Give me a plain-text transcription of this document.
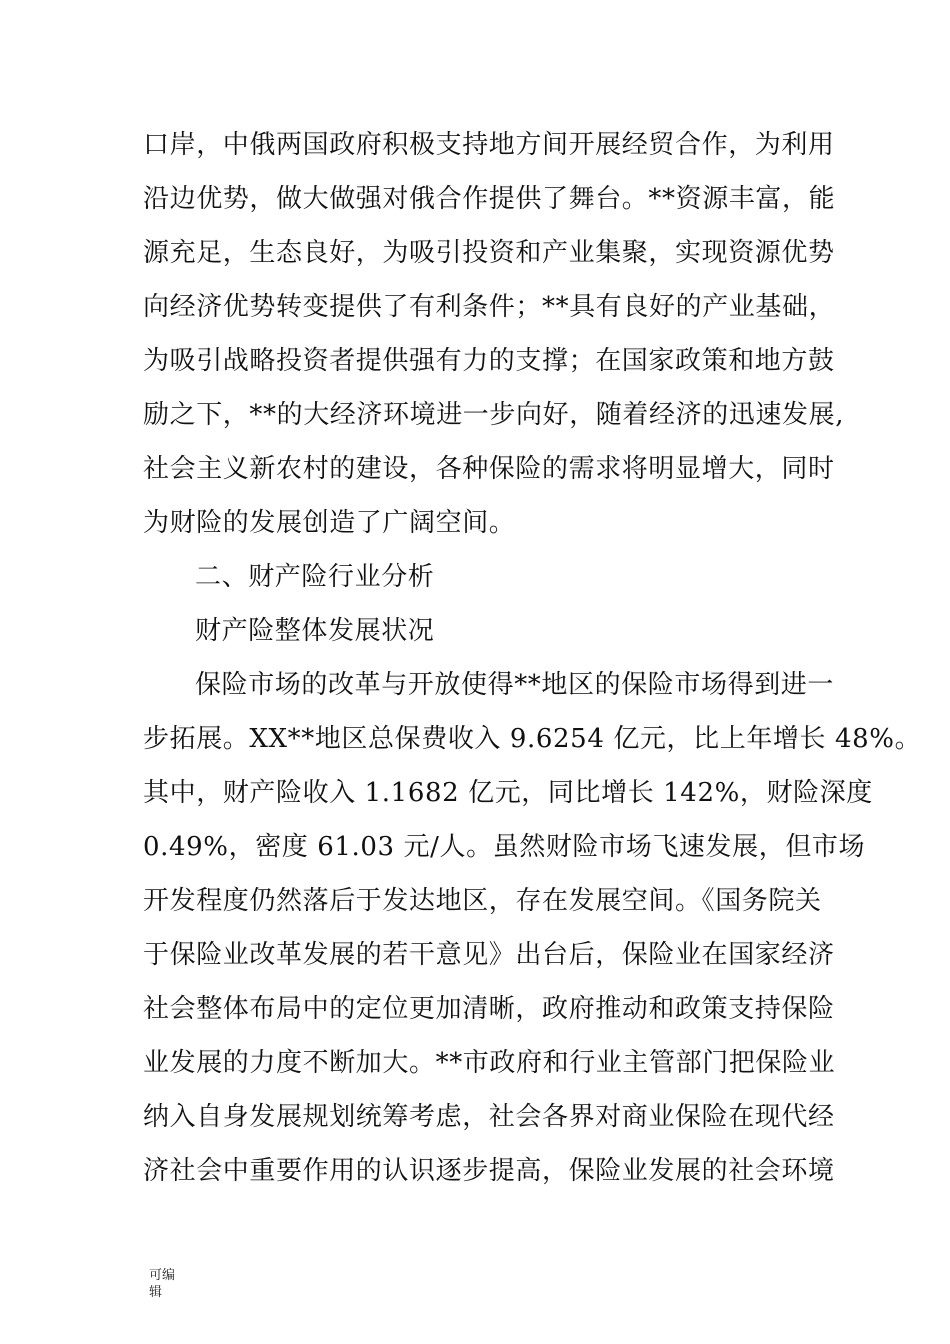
口岸，中俄两国政府积极支持地方间开展经贸合作，为利用
沿边优势，做大做强对俄合作提供了舞台。**资源丰富，能
源充足，生态良好，为吸引投资和产业集聚，实现资源优势
向经济优势转变提供了有利条件；**具有良好的产业基础，
为吸引战略投资者提供强有力的支撑；在国家政策和地方鼓
励之下，**的大经济环境进一步向好，随着经济的迅速发展,
社会主义新农村的建设，各种保险的需求将明显增大，同时
为财险的发展创造了广阔空间。
二、财产险行业分析
财产险整体发展状况
保险市场的改革与开放使得**地区的保险市场得到进一
步拓展。XX**地区总保费收入 9.6254 亿元，比上年增长 48%。
其中，财产险收入 1.1682 亿元，同比增长 142%，财险深度
0.49%，密度 61.03 元/人。虽然财险市场飞速发展，但市场
开发程度仍然落后于发达地区，存在发展空间。《国务院关
于保险业改革发展的若干意见》出台后，保险业在国家经济
社会整体布局中的定位更加清晰，政府推动和政策支持保险
业发展的力度不断加大。**市政府和行业主管部门把保险业
纳入自身发展规划统筹考虑，社会各界对商业保险在现代经
济社会中重要作用的认识逐步提高，保险业发展的社会环境
可编
辑
